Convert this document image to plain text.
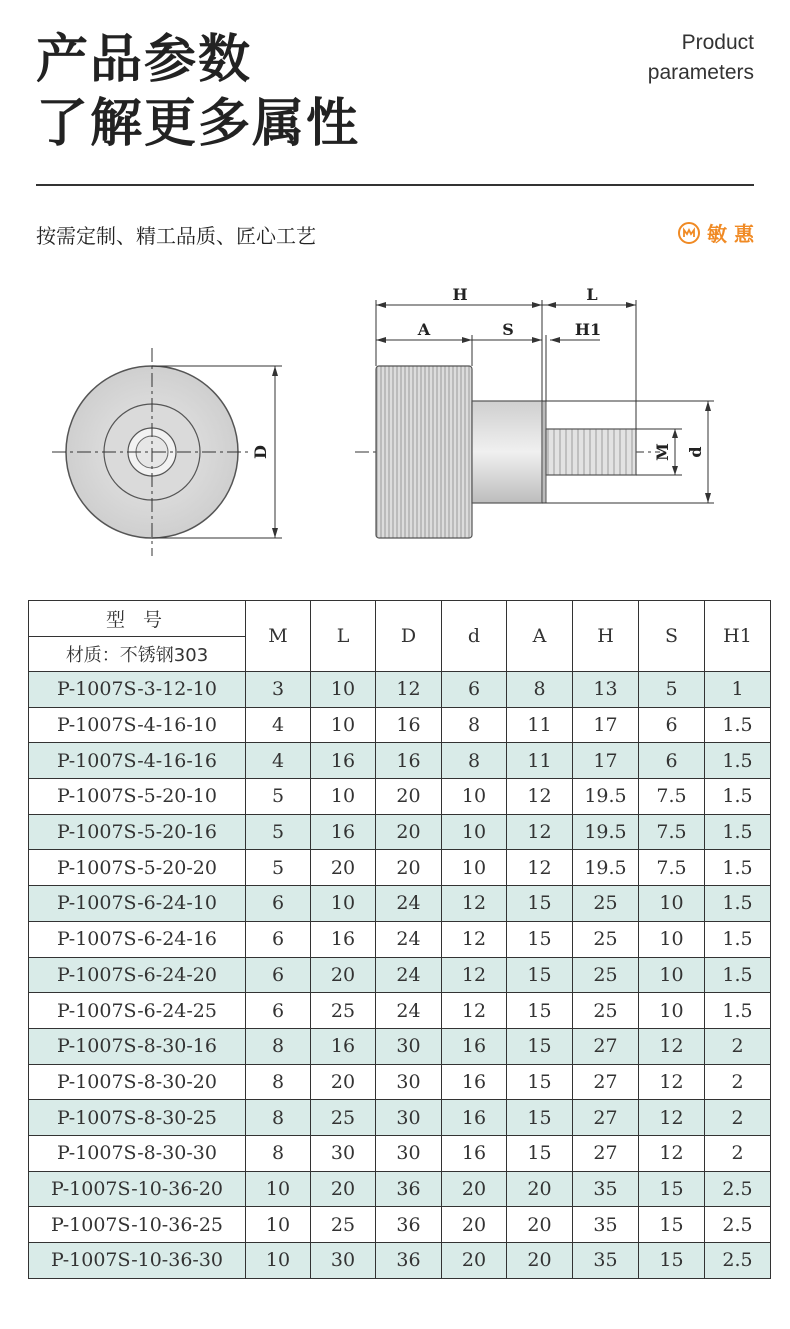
产品参数
了解更多属性
Product
parameters
按需定制、精工品质、匠心工艺	敏 惠
D
H	L
A	S	H1
M d
型 号
材质：不锈钢303	M	L	D	d	A	H	S	H1
P-1007S-3-12-10	3	10	12	6	8	13	5	1
P-1007S-4-16-10	4	10	16	8	11	17	6	1.5
P-1007S-4-16-16	4	16	16	8	11	17	6	1.5
P-1007S-5-20-10	5	10	20	10	12	19.5	7.5	1.5
P-1007S-5-20-16	5	16	20	10	12	19.5	7.5	1.5
P-1007S-5-20-20	5	20	20	10	12	19.5	7.5	1.5
P-1007S-6-24-10	6	10	24	12	15	25	10	1.5
P-1007S-6-24-16	6	16	24	12	15	25	10	1.5
P-1007S-6-24-20	6	20	24	12	15	25	10	1.5
P-1007S-6-24-25	6	25	24	12	15	25	10	1.5
P-1007S-8-30-16	8	16	30	16	15	27	12	2
P-1007S-8-30-20	8	20	30	16	15	27	12	2
P-1007S-8-30-25	8	25	30	16	15	27	12	2
P-1007S-8-30-30	8	30	30	16	15	27	12	2
P-1007S-10-36-20	10	20	36	20	20	35	15	2.5
P-1007S-10-36-25	10	25	36	20	20	35	15	2.5
P-1007S-10-36-30	10	30	36	20	20	35	15	2.5
